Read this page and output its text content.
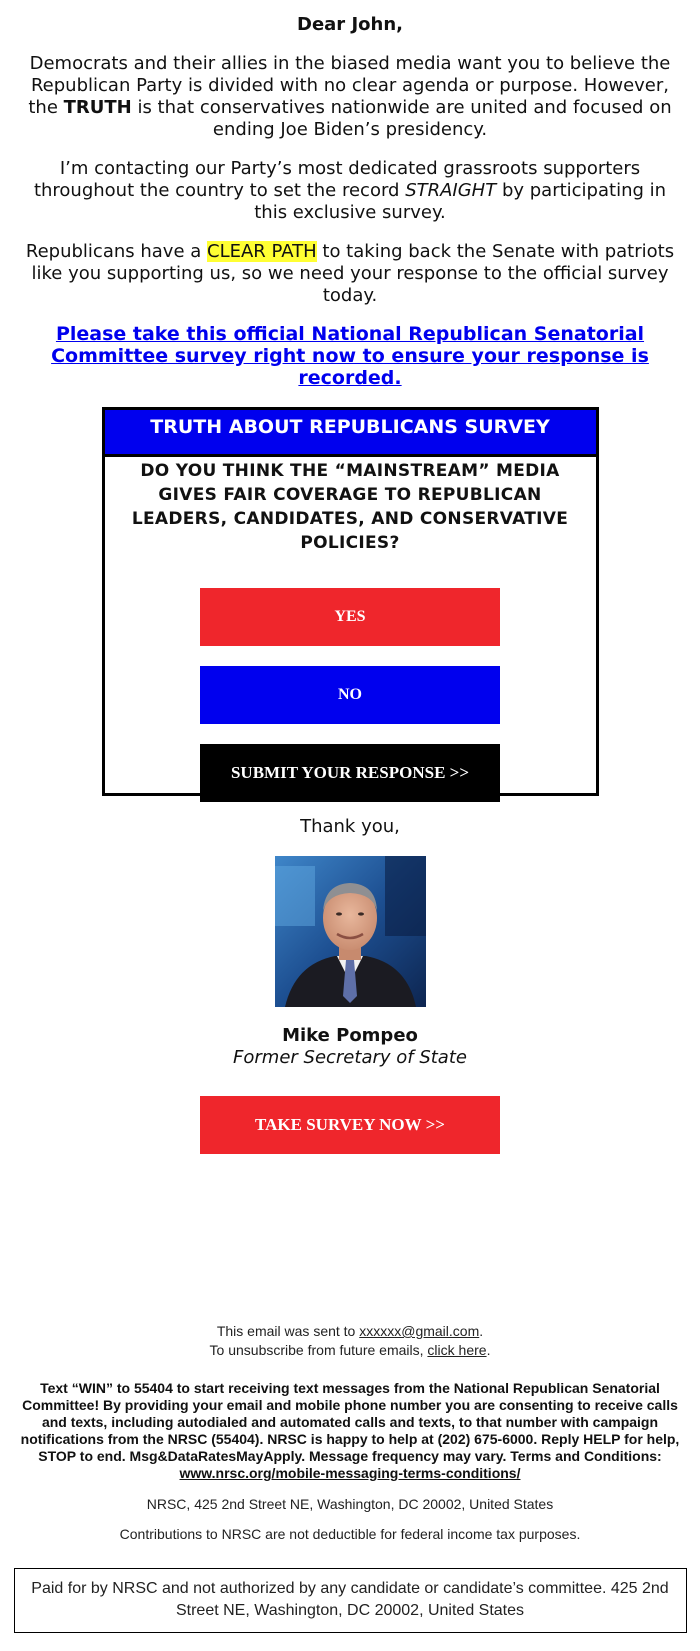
Dear John,
Democrats and their allies in the biased media want you to believe the Republican Party is divided with no clear agenda or purpose. However, the TRUTH is that conservatives nationwide are united and focused on ending Joe Biden’s presidency.
I’m contacting our Party’s most dedicated grassroots supporters throughout the country to set the record STRAIGHT by participating in this exclusive survey.
Republicans have a CLEAR PATH to taking back the Senate with patriots like you supporting us, so we need your response to the official survey today.
Please take this official National Republican Senatorial Committee survey right now to ensure your response is recorded.
TRUTH ABOUT REPUBLICANS SURVEY
DO YOU THINK THE “MAINSTREAM” MEDIA GIVES FAIR COVERAGE TO REPUBLICAN LEADERS, CANDIDATES, AND CONSERVATIVE POLICIES?
YES
NO
SUBMIT YOUR RESPONSE >>
Thank you,
Mike Pompeo
Former Secretary of State
TAKE SURVEY NOW >>
This email was sent to xxxxxx@gmail.com.
To unsubscribe from future emails, click here.
Text “WIN” to 55404 to start receiving text messages from the National Republican Senatorial Committee! By providing your email and mobile phone number you are consenting to receive calls and texts, including autodialed and automated calls and texts, to that number with campaign notifications from the NRSC (55404). NRSC is happy to help at (202) 675-6000. Reply HELP for help, STOP to end. Msg&DataRatesMayApply. Message frequency may vary. Terms and Conditions: www.nrsc.org/mobile-messaging-terms-conditions/
NRSC, 425 2nd Street NE, Washington, DC 20002, United States
Contributions to NRSC are not deductible for federal income tax purposes.
Paid for by NRSC and not authorized by any candidate or candidate’s committee. 425 2nd Street NE, Washington, DC 20002, United States
